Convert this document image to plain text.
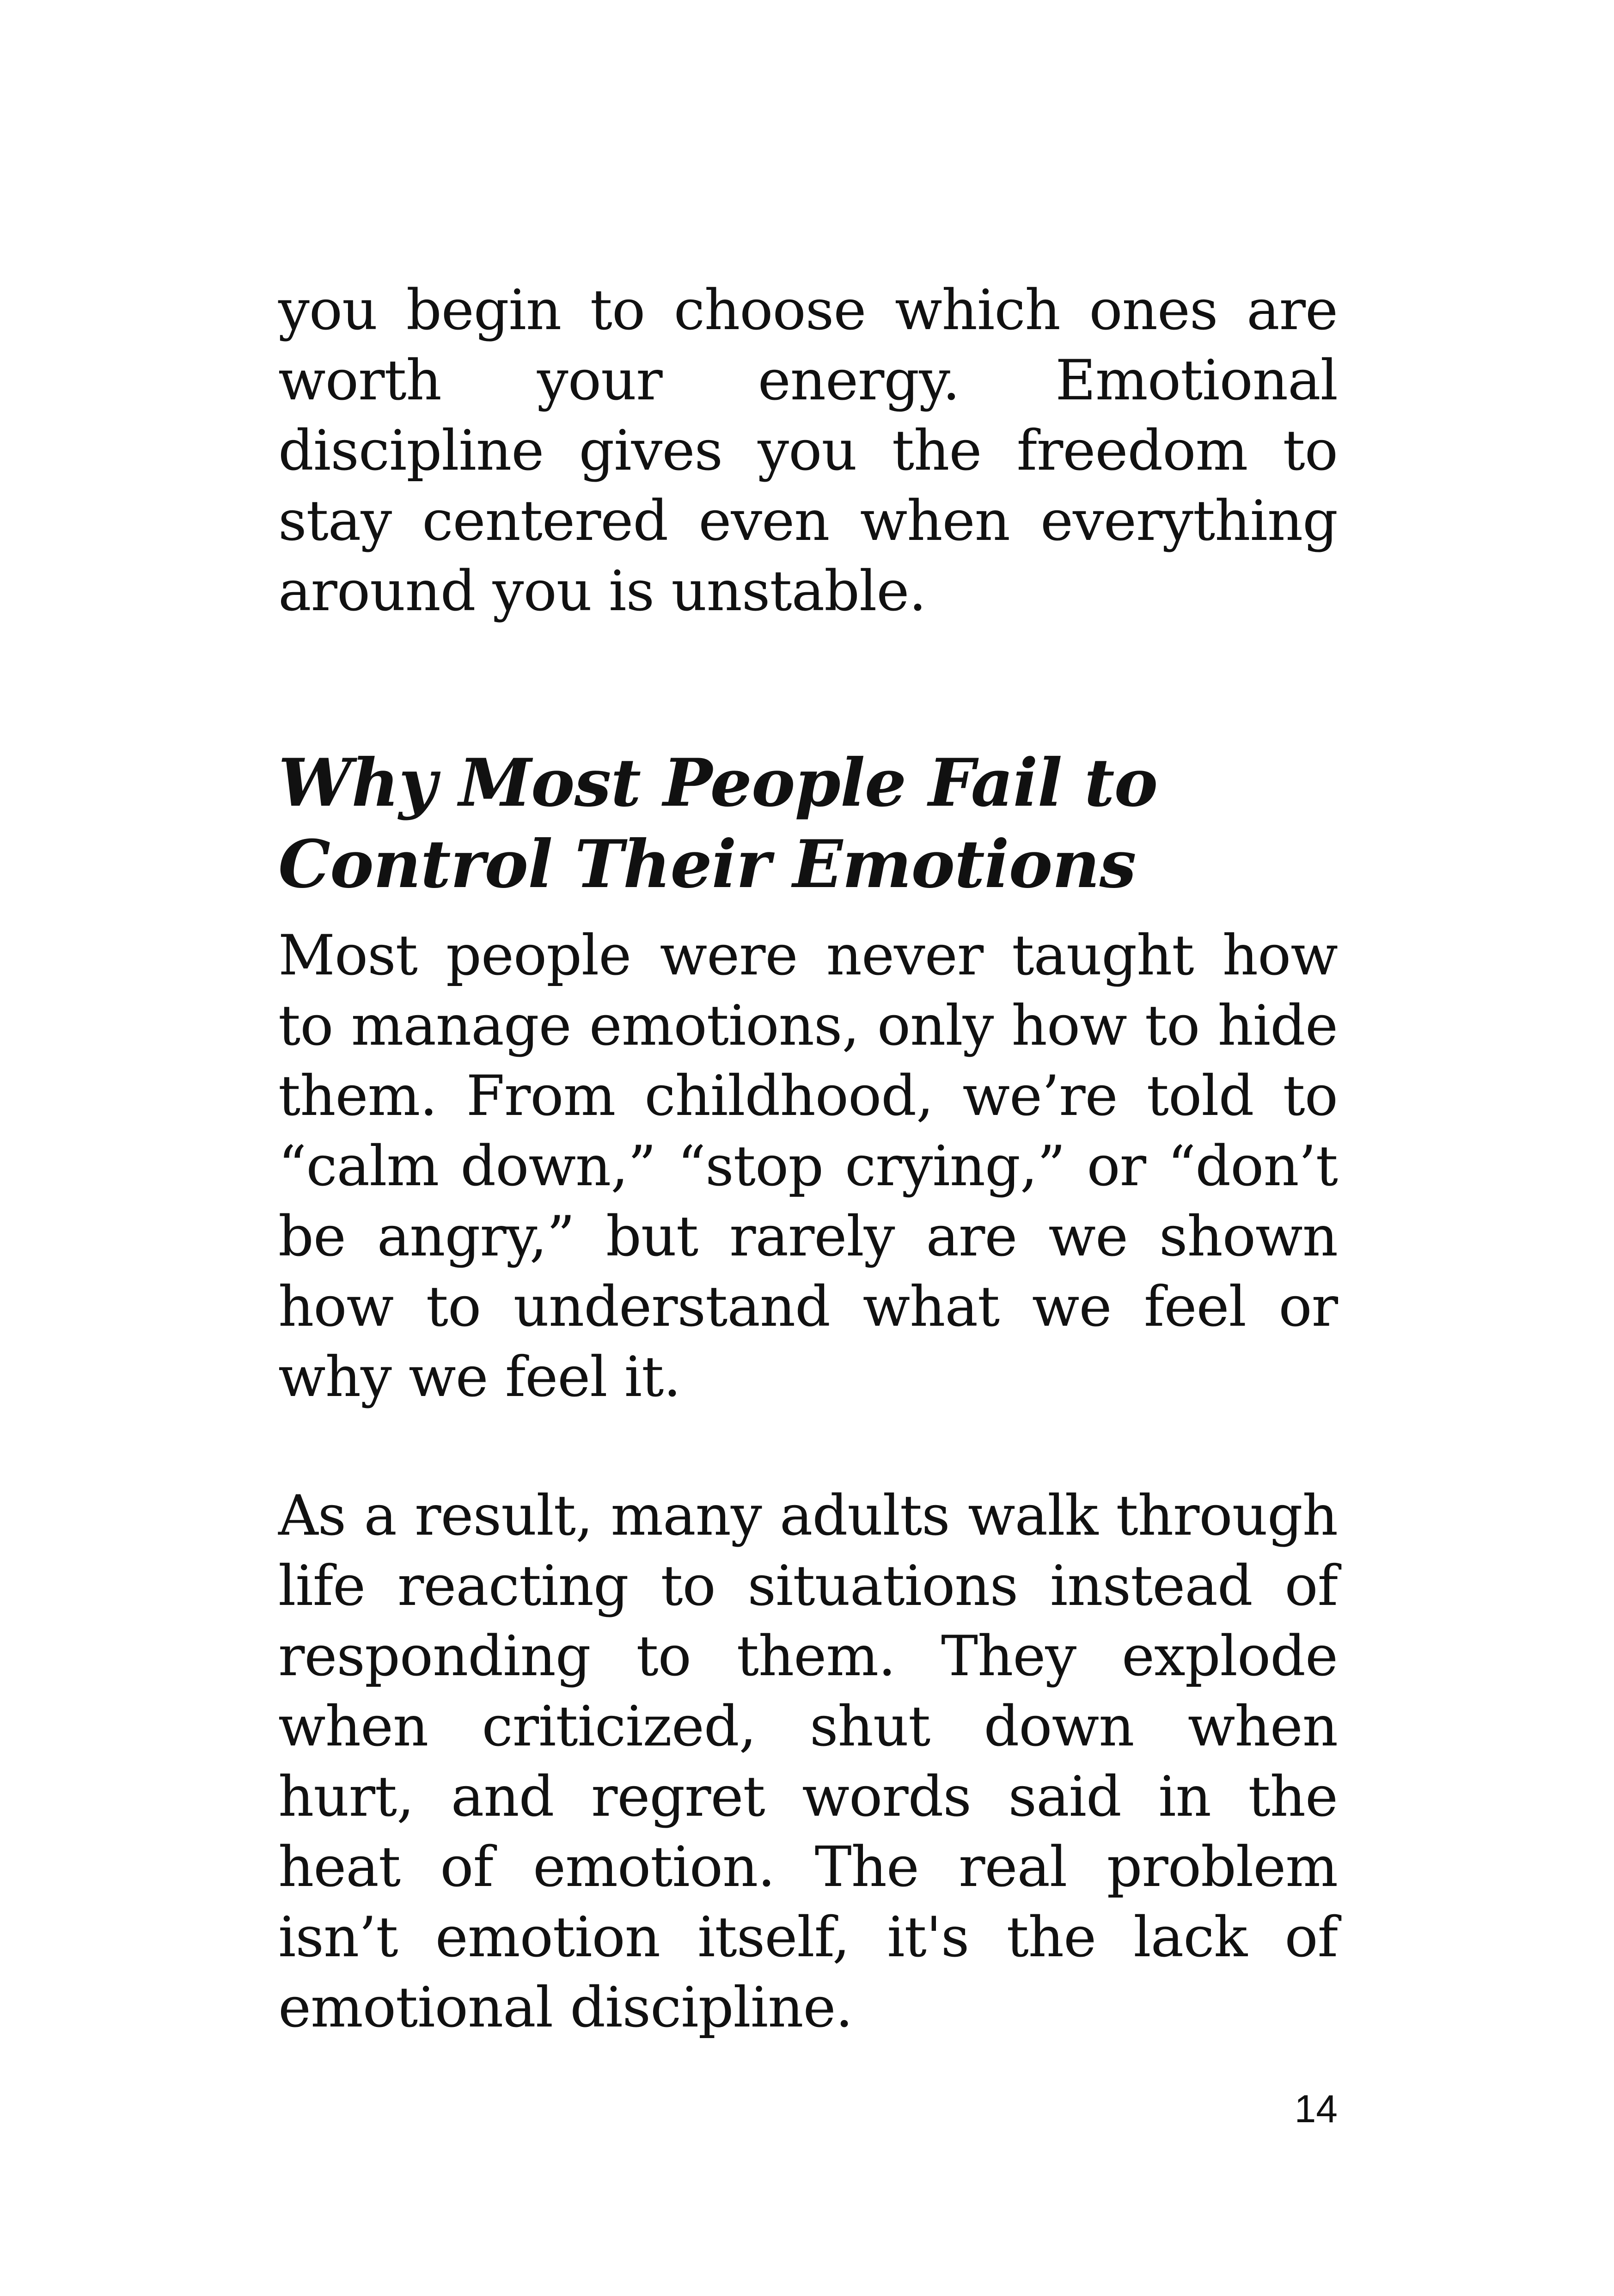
you begin to choose which ones are worth your energy. Emotional discipline gives you the freedom to stay centered even when everything around you is unstable.

Why Most People Fail to Control Their Emotions

Most people were never taught how to manage emotions, only how to hide them. From childhood, we’re told to “calm down,” “stop crying,” or “don’t be angry,” but rarely are we shown how to understand what we feel or why we feel it.

As a result, many adults walk through life reacting to situations instead of responding to them. They explode when criticized, shut down when hurt, and regret words said in the heat of emotion. The real problem isn’t emotion itself, it's the lack of emotional discipline.

14
